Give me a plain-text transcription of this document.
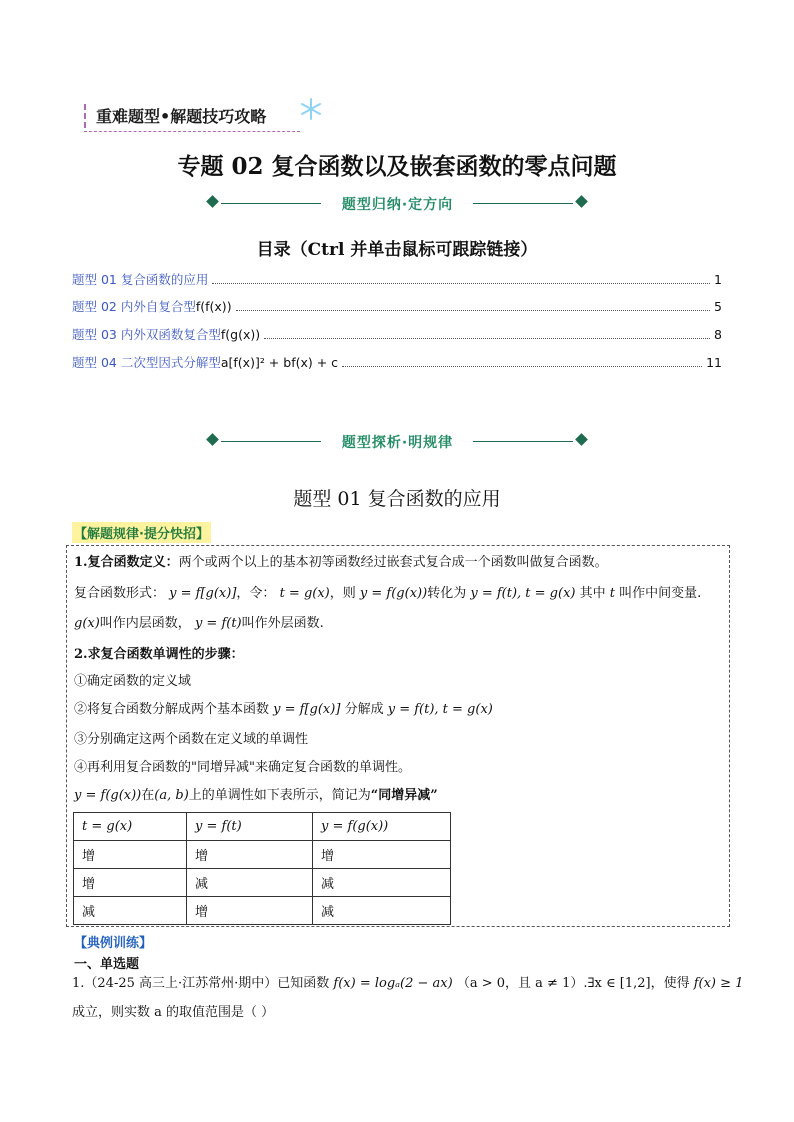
重难题型•解题技巧攻略
专题 02 复合函数以及嵌套函数的零点问题
题型归纳·定方向
目录（Ctrl 并单击鼠标可跟踪链接）
题型 01 复合函数的应用	1
题型 02 内外自复合型 f(f(x))	5
题型 03 内外双函数复合型 f(g(x))	8
题型 04 二次型因式分解型 a[f(x)]² + bf(x) + c	11
题型探析·明规律
题型 01 复合函数的应用
【解题规律·提分快招】
1.复合函数定义：两个或两个以上的基本初等函数经过嵌套式复合成一个函数叫做复合函数。
复合函数形式： y = f[g(x)]，令： t = g(x)，则 y = f(g(x))转化为 y = f(t), t = g(x) 其中 t 叫作中间变量.
g(x)叫作内层函数， y = f(t)叫作外层函数.
2.求复合函数单调性的步骤：
①确定函数的定义域
②将复合函数分解成两个基本函数 y = f[g(x)] 分解成 y = f(t), t = g(x)
③分别确定这两个函数在定义域的单调性
④再利用复合函数的"同增异减"来确定复合函数的单调性。
y = f(g(x))在(a, b)上的单调性如下表所示，简记为“同增异减”
t = g(x)	y = f(t)	y = f(g(x))
增	增	增
增	减	减
减	增	减
【典例训练】
一、单选题
1.（24-25 高三上·江苏常州·期中）已知函数 f(x) = logₐ(2 − ax) （a > 0，且 a ≠ 1）.∃x ∈ [1,2]，使得 f(x) ≥ 1
成立，则实数 a 的取值范围是（ ）
